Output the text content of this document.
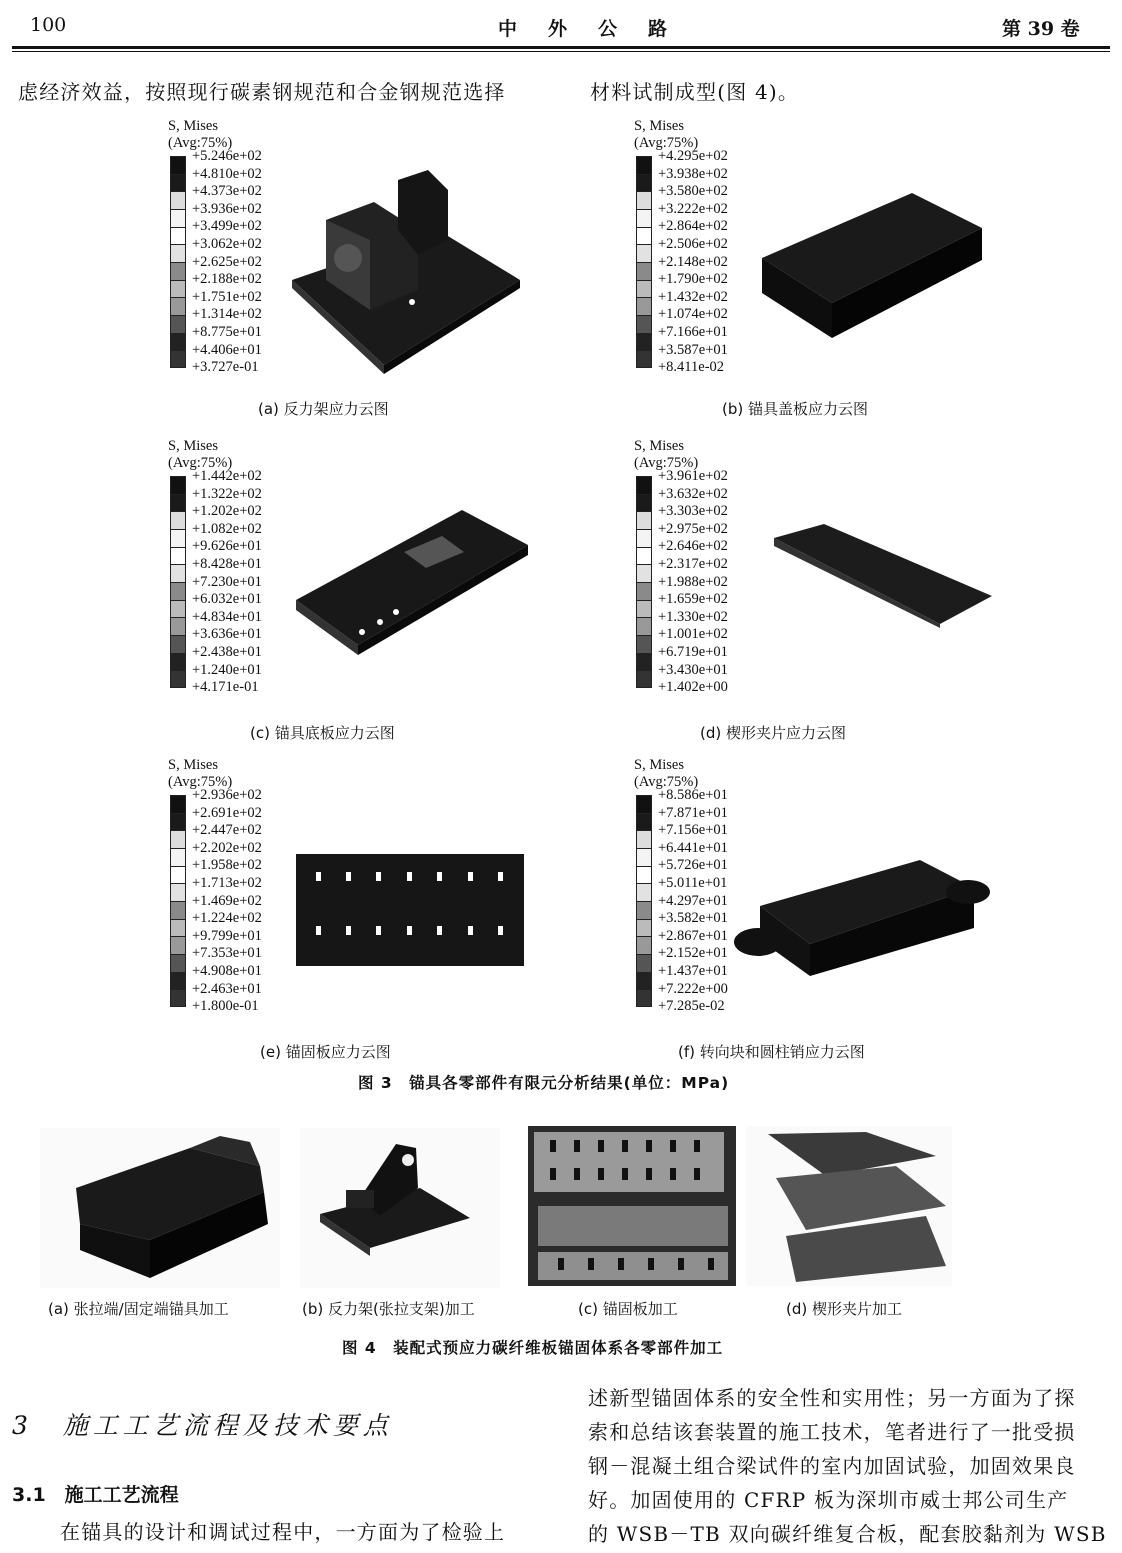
100	中　外　公　路	第 39 卷
虑经济效益，按照现行碳素钢规范和合金钢规范选择	材料试制成型(图 4)。
S, Mises
(Avg:75%)
+5.246e+02
+4.810e+02
+4.373e+02
+3.936e+02
+3.499e+02
+3.062e+02
+2.625e+02
+2.188e+02
+1.751e+02
+1.314e+02
+8.775e+01
+4.406e+01
+3.727e-01
S, Mises
(Avg:75%)
+4.295e+02
+3.938e+02
+3.580e+02
+3.222e+02
+2.864e+02
+2.506e+02
+2.148e+02
+1.790e+02
+1.432e+02
+1.074e+02
+7.166e+01
+3.587e+01
+8.411e-02
S, Mises
(Avg:75%)
+1.442e+02
+1.322e+02
+1.202e+02
+1.082e+02
+9.626e+01
+8.428e+01
+7.230e+01
+6.032e+01
+4.834e+01
+3.636e+01
+2.438e+01
+1.240e+01
+4.171e-01
S, Mises
(Avg:75%)
+3.961e+02
+3.632e+02
+3.303e+02
+2.975e+02
+2.646e+02
+2.317e+02
+1.988e+02
+1.659e+02
+1.330e+02
+1.001e+02
+6.719e+01
+3.430e+01
+1.402e+00
S, Mises
(Avg:75%)
+2.936e+02
+2.691e+02
+2.447e+02
+2.202e+02
+1.958e+02
+1.713e+02
+1.469e+02
+1.224e+02
+9.799e+01
+7.353e+01
+4.908e+01
+2.463e+01
+1.800e-01
S, Mises
(Avg:75%)
+8.586e+01
+7.871e+01
+7.156e+01
+6.441e+01
+5.726e+01
+5.011e+01
+4.297e+01
+3.582e+01
+2.867e+01
+2.152e+01
+1.437e+01
+7.222e+00
+7.285e-02
(a) 反力架应力云图	(b) 锚具盖板应力云图
(c) 锚具底板应力云图	(d) 楔形夹片应力云图
(e) 锚固板应力云图	(f) 转向块和圆柱销应力云图
图 3　锚具各零部件有限元分析结果(单位：MPa)
(a) 张拉端/固定端锚具加工	(b) 反力架(张拉支架)加工	(c) 锚固板加工	(d) 楔形夹片加工
图 4　装配式预应力碳纤维板锚固体系各零部件加工
3　施工工艺流程及技术要点
3.1　施工工艺流程
在锚具的设计和调试过程中，一方面为了检验上
述新型锚固体系的安全性和实用性；另一方面为了探
索和总结该套装置的施工技术，笔者进行了一批受损
钢－混凝土组合梁试件的室内加固试验，加固效果良
好。加固使用的 CFRP 板为深圳市威士邦公司生产
的 WSB－TB 双向碳纤维复合板，配套胶黏剂为 WSB
